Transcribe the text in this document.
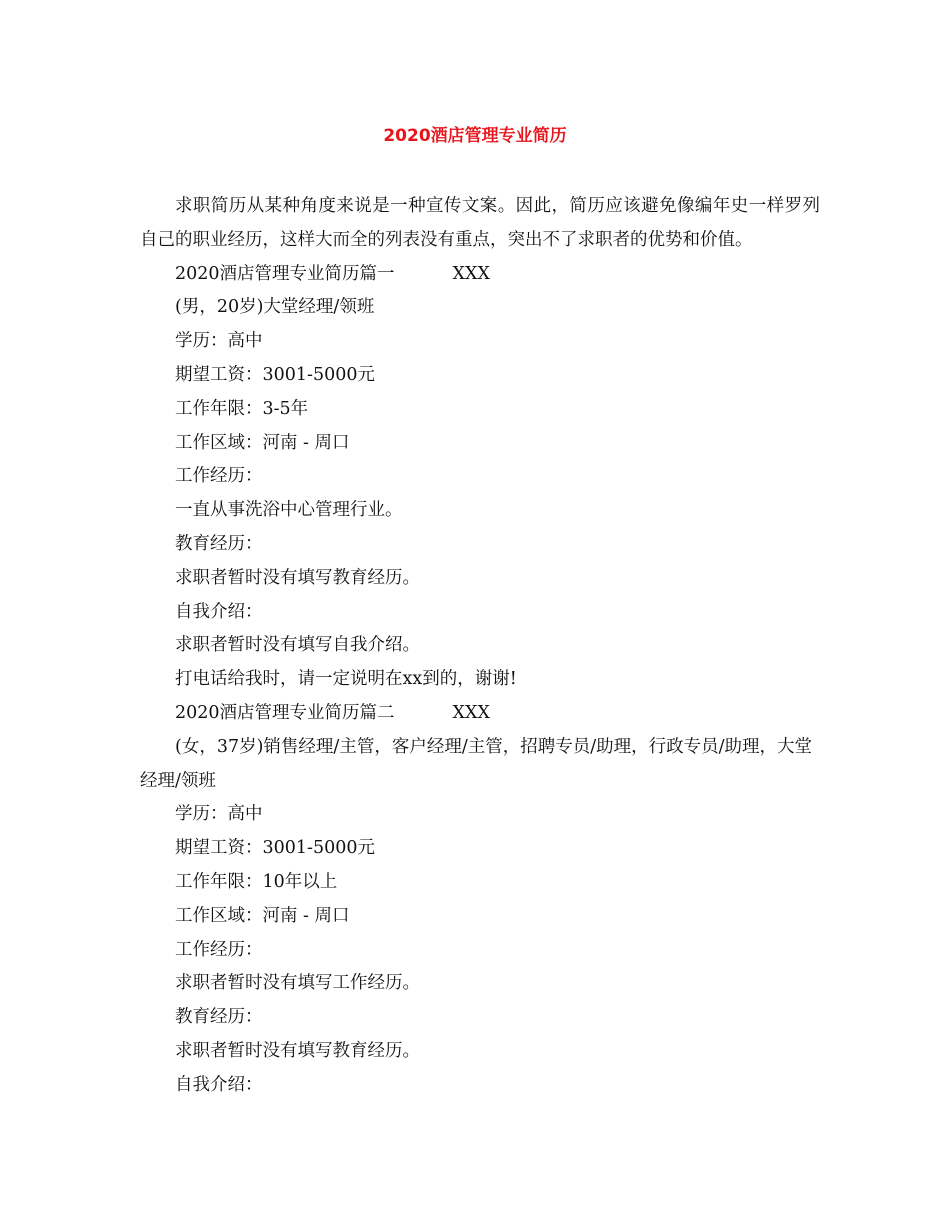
2020酒店管理专业简历
求职简历从某种角度来说是一种宣传文案。因此，简历应该避免像编年史一样罗列自己的职业经历，这样大而全的列表没有重点，突出不了求职者的优势和价值。
2020酒店管理专业简历篇一	XXX
(男，20岁)大堂经理/领班
学历：高中
期望工资：3001-5000元
工作年限：3-5年
工作区域：河南 - 周口
工作经历：
一直从事洗浴中心管理行业。
教育经历：
求职者暂时没有填写教育经历。
自我介绍：
求职者暂时没有填写自我介绍。
打电话给我时，请一定说明在xx到的，谢谢!
2020酒店管理专业简历篇二	XXX
(女，37岁)销售经理/主管，客户经理/主管，招聘专员/助理，行政专员/助理，大堂经理/领班
学历：高中
期望工资：3001-5000元
工作年限：10年以上
工作区域：河南 - 周口
工作经历：
求职者暂时没有填写工作经历。
教育经历：
求职者暂时没有填写教育经历。
自我介绍：
